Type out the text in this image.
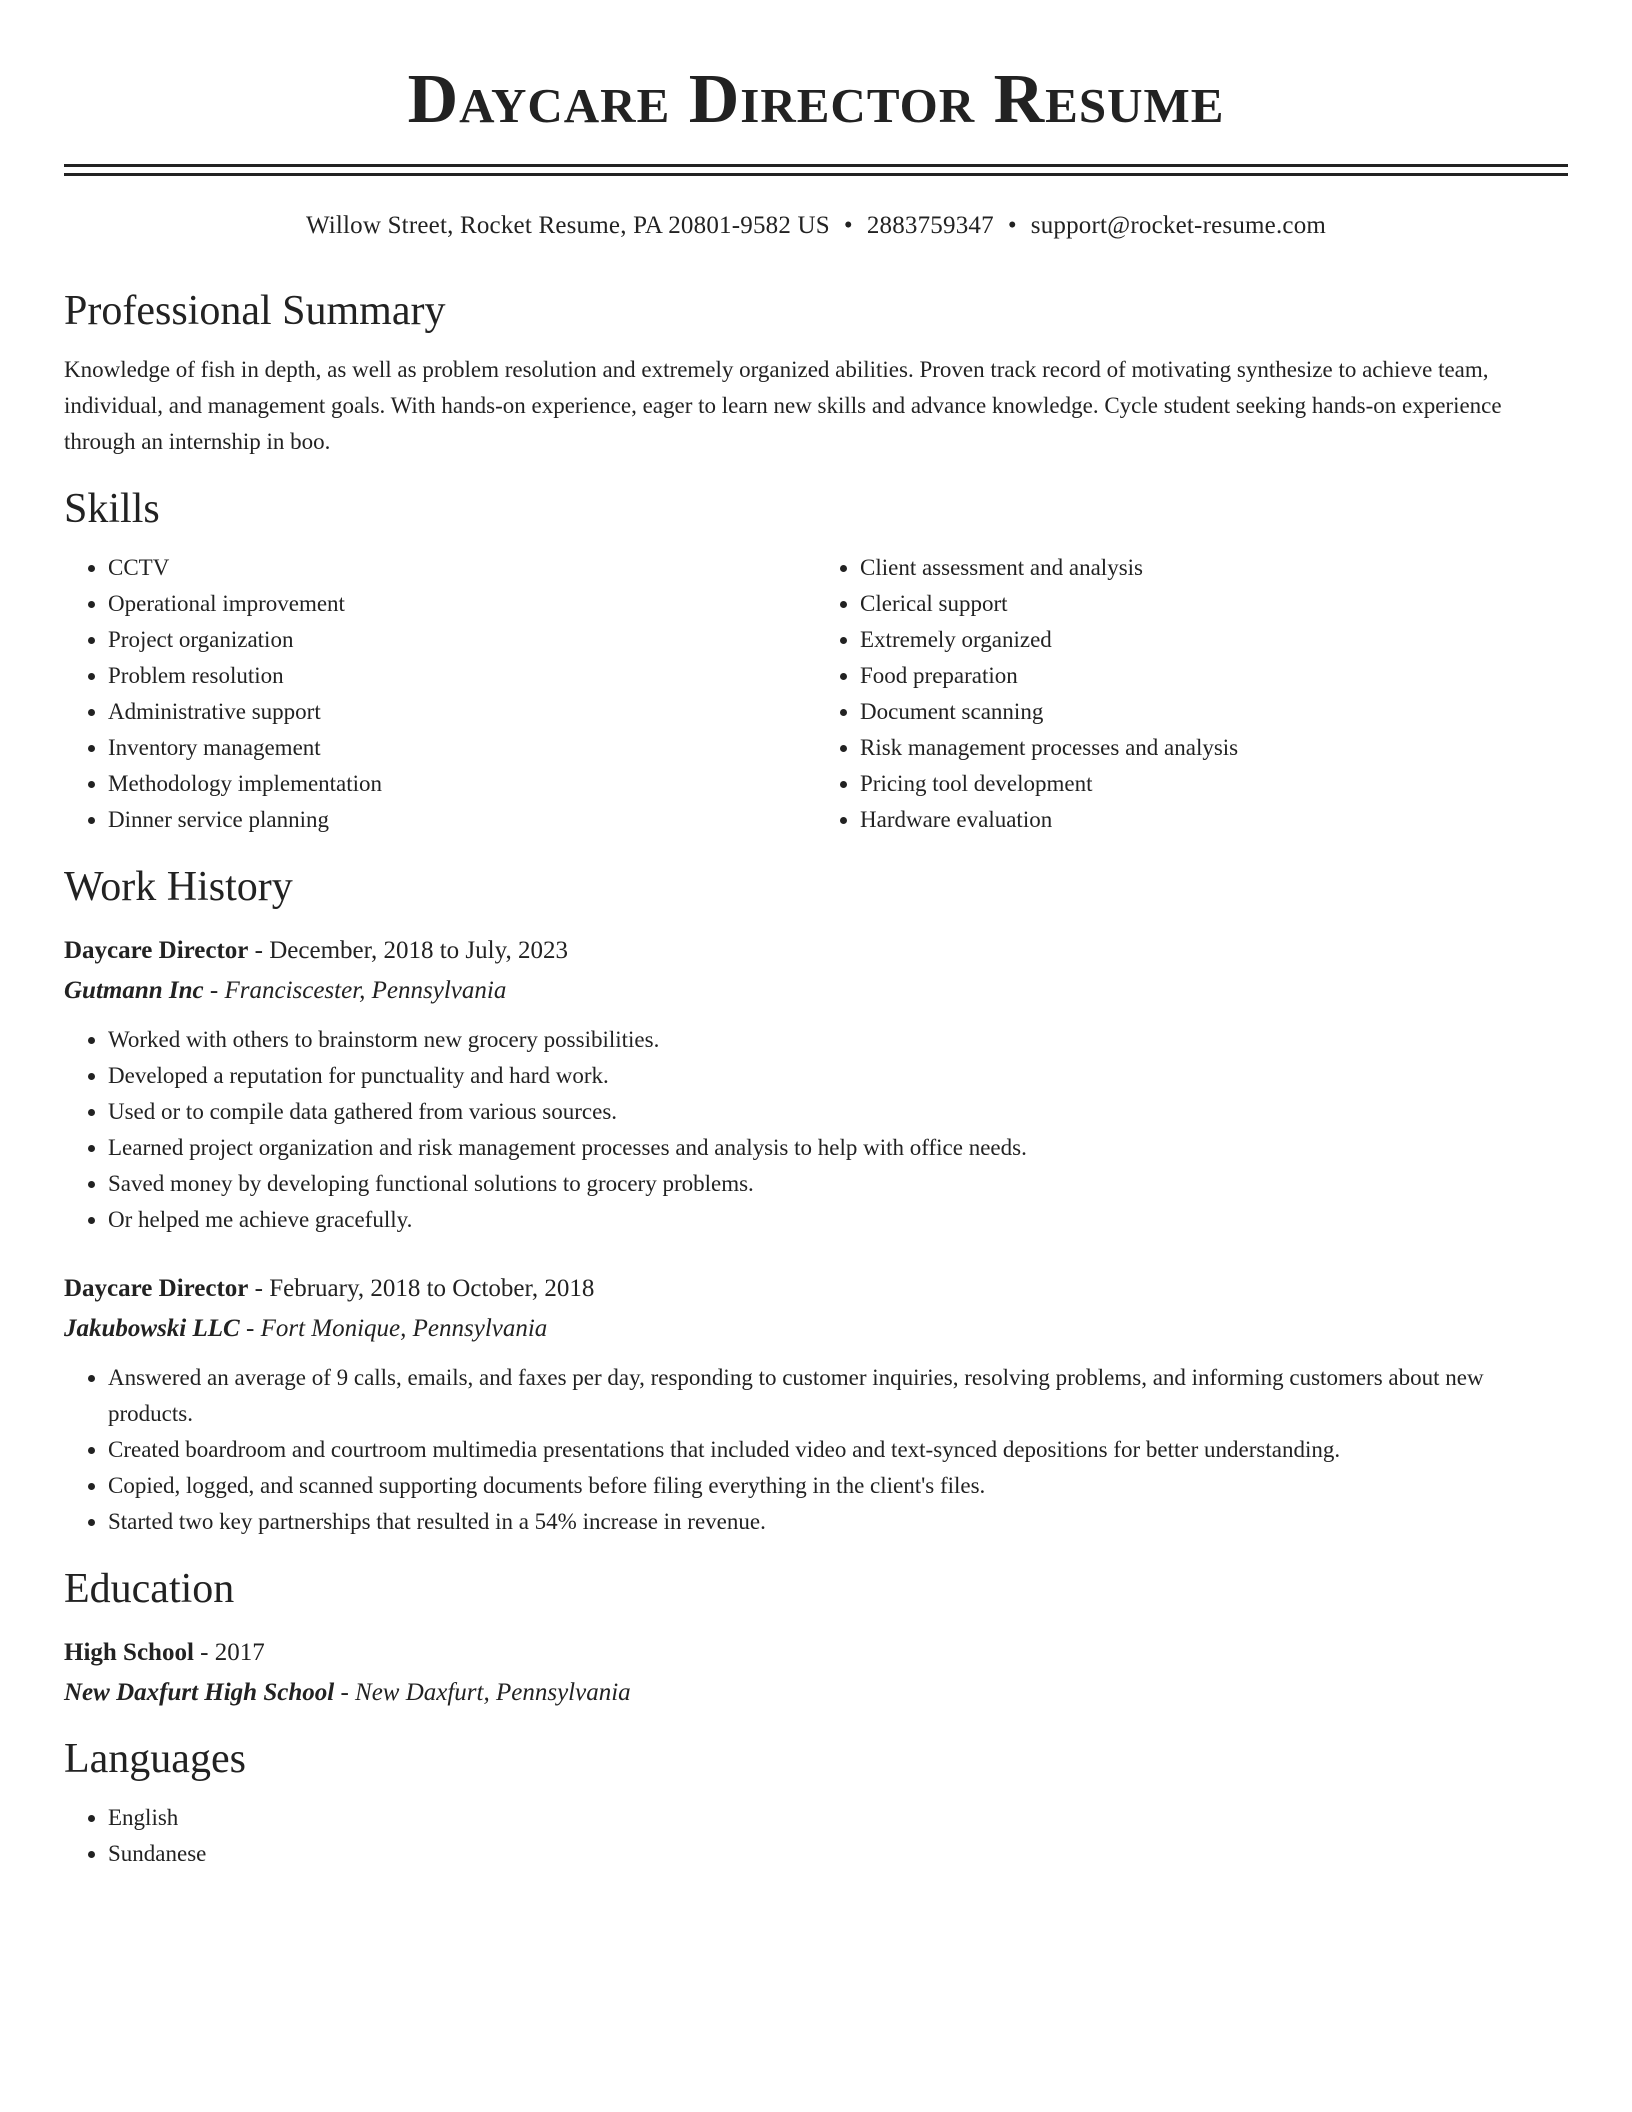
Daycare Director Resume
Willow Street, Rocket Resume, PA 20801-9582 US • 2883759347 • support@rocket-resume.com
Professional Summary
Knowledge of fish in depth, as well as problem resolution and extremely organized abilities. Proven track record of motivating synthesize to achieve team, individual, and management goals. With hands-on experience, eager to learn new skills and advance knowledge. Cycle student seeking hands-on experience through an internship in boo.
Skills
• CCTV
• Operational improvement
• Project organization
• Problem resolution
• Administrative support
• Inventory management
• Methodology implementation
• Dinner service planning
• Client assessment and analysis
• Clerical support
• Extremely organized
• Food preparation
• Document scanning
• Risk management processes and analysis
• Pricing tool development
• Hardware evaluation
Work History
Daycare Director - December, 2018 to July, 2023
Gutmann Inc - Franciscester, Pennsylvania
• Worked with others to brainstorm new grocery possibilities.
• Developed a reputation for punctuality and hard work.
• Used or to compile data gathered from various sources.
• Learned project organization and risk management processes and analysis to help with office needs.
• Saved money by developing functional solutions to grocery problems.
• Or helped me achieve gracefully.
Daycare Director - February, 2018 to October, 2018
Jakubowski LLC - Fort Monique, Pennsylvania
• Answered an average of 9 calls, emails, and faxes per day, responding to customer inquiries, resolving problems, and informing customers about new products.
• Created boardroom and courtroom multimedia presentations that included video and text-synced depositions for better understanding.
• Copied, logged, and scanned supporting documents before filing everything in the client's files.
• Started two key partnerships that resulted in a 54% increase in revenue.
Education
High School - 2017
New Daxfurt High School - New Daxfurt, Pennsylvania
Languages
• English
• Sundanese
